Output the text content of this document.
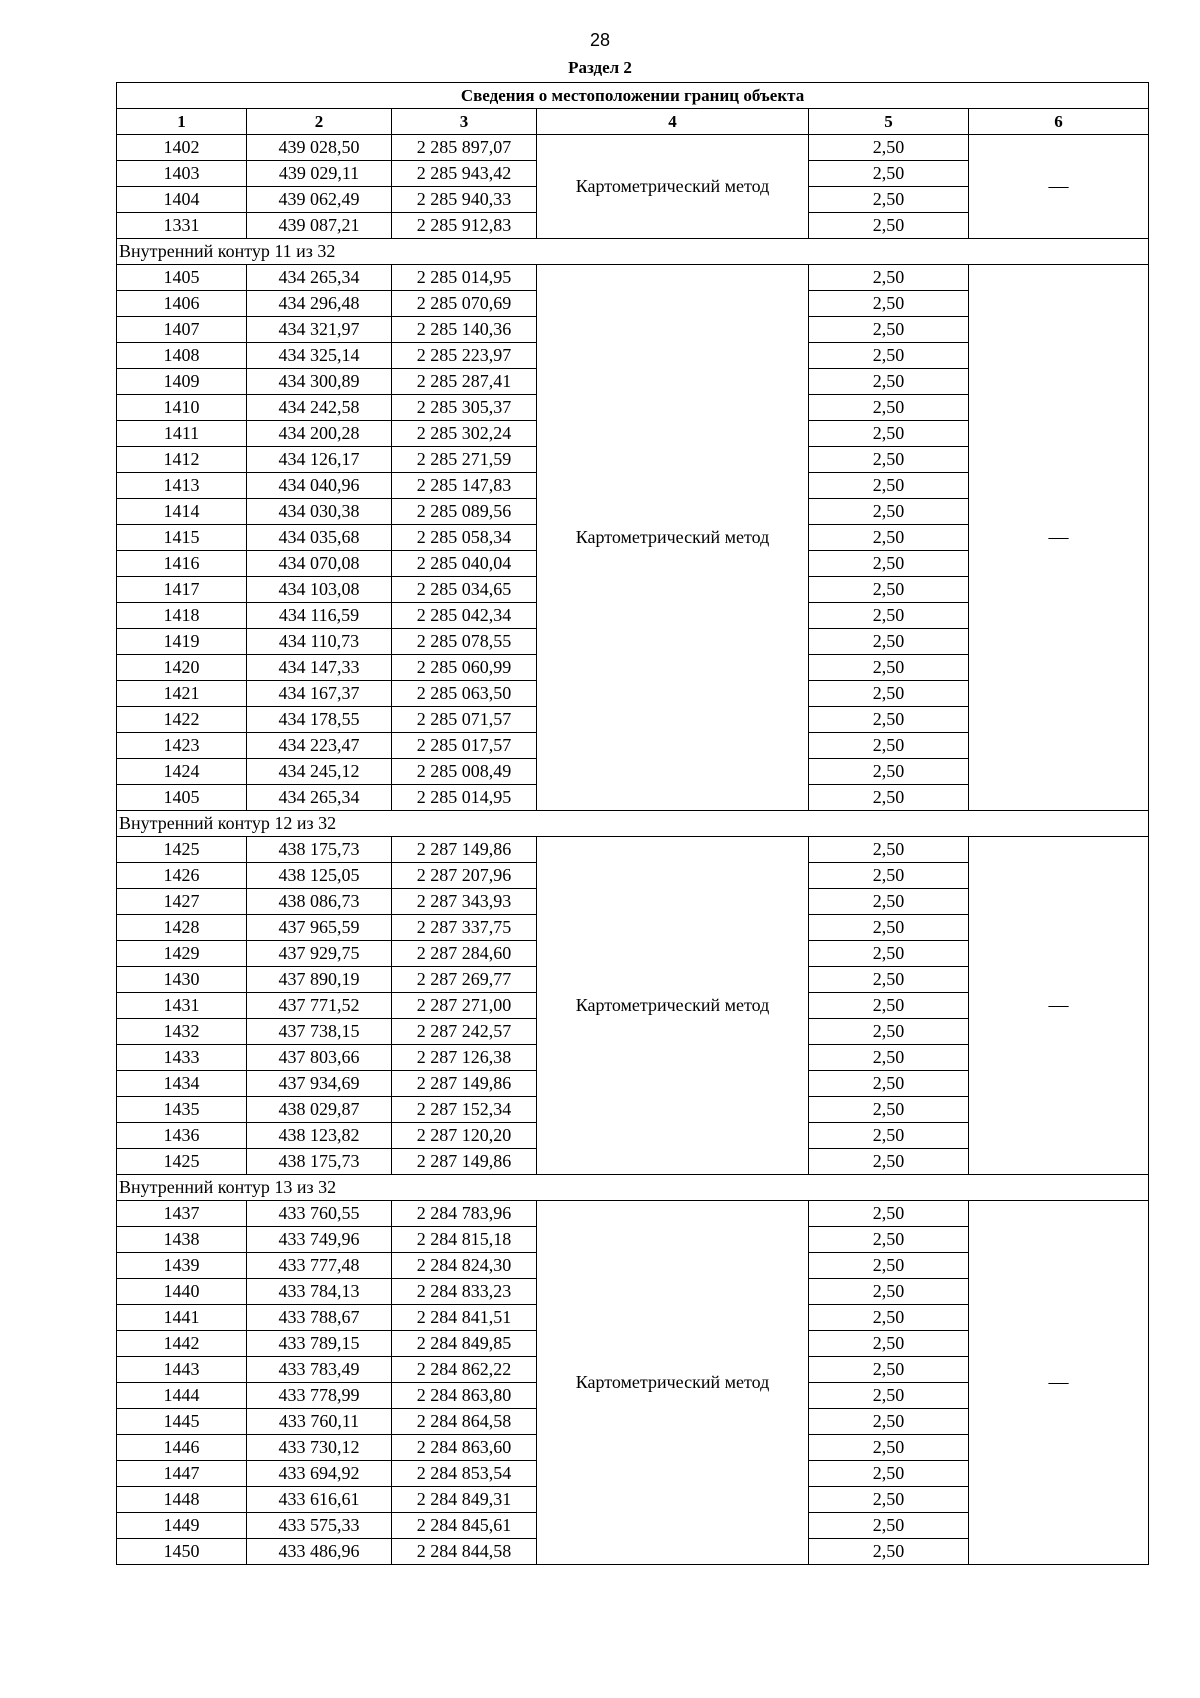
28
Раздел 2
Сведения о местоположении границ объекта					
1	2	3	4	5	6
1402	439 028,50	2 285 897,07	Картометрический метод	2,50	—
1403	439 029,11	2 285 943,42		2,50	
1404	439 062,49	2 285 940,33		2,50	
1331	439 087,21	2 285 912,83		2,50	
Внутренний контур 11 из 32					
1405	434 265,34	2 285 014,95	Картометрический метод	2,50	—
1406	434 296,48	2 285 070,69		2,50	
1407	434 321,97	2 285 140,36		2,50	
1408	434 325,14	2 285 223,97		2,50	
1409	434 300,89	2 285 287,41		2,50	
1410	434 242,58	2 285 305,37		2,50	
1411	434 200,28	2 285 302,24		2,50	
1412	434 126,17	2 285 271,59		2,50	
1413	434 040,96	2 285 147,83		2,50	
1414	434 030,38	2 285 089,56		2,50	
1415	434 035,68	2 285 058,34		2,50	
1416	434 070,08	2 285 040,04		2,50	
1417	434 103,08	2 285 034,65		2,50	
1418	434 116,59	2 285 042,34		2,50	
1419	434 110,73	2 285 078,55		2,50	
1420	434 147,33	2 285 060,99		2,50	
1421	434 167,37	2 285 063,50		2,50	
1422	434 178,55	2 285 071,57		2,50	
1423	434 223,47	2 285 017,57		2,50	
1424	434 245,12	2 285 008,49		2,50	
1405	434 265,34	2 285 014,95		2,50	
Внутренний контур 12 из 32					
1425	438 175,73	2 287 149,86	Картометрический метод	2,50	—
1426	438 125,05	2 287 207,96		2,50	
1427	438 086,73	2 287 343,93		2,50	
1428	437 965,59	2 287 337,75		2,50	
1429	437 929,75	2 287 284,60		2,50	
1430	437 890,19	2 287 269,77		2,50	
1431	437 771,52	2 287 271,00		2,50	
1432	437 738,15	2 287 242,57		2,50	
1433	437 803,66	2 287 126,38		2,50	
1434	437 934,69	2 287 149,86		2,50	
1435	438 029,87	2 287 152,34		2,50	
1436	438 123,82	2 287 120,20		2,50	
1425	438 175,73	2 287 149,86		2,50	
Внутренний контур 13 из 32					
1437	433 760,55	2 284 783,96	Картометрический метод	2,50	—
1438	433 749,96	2 284 815,18		2,50	
1439	433 777,48	2 284 824,30		2,50	
1440	433 784,13	2 284 833,23		2,50	
1441	433 788,67	2 284 841,51		2,50	
1442	433 789,15	2 284 849,85		2,50	
1443	433 783,49	2 284 862,22		2,50	
1444	433 778,99	2 284 863,80		2,50	
1445	433 760,11	2 284 864,58		2,50	
1446	433 730,12	2 284 863,60		2,50	
1447	433 694,92	2 284 853,54		2,50	
1448	433 616,61	2 284 849,31		2,50	
1449	433 575,33	2 284 845,61		2,50	
1450	433 486,96	2 284 844,58		2,50	
